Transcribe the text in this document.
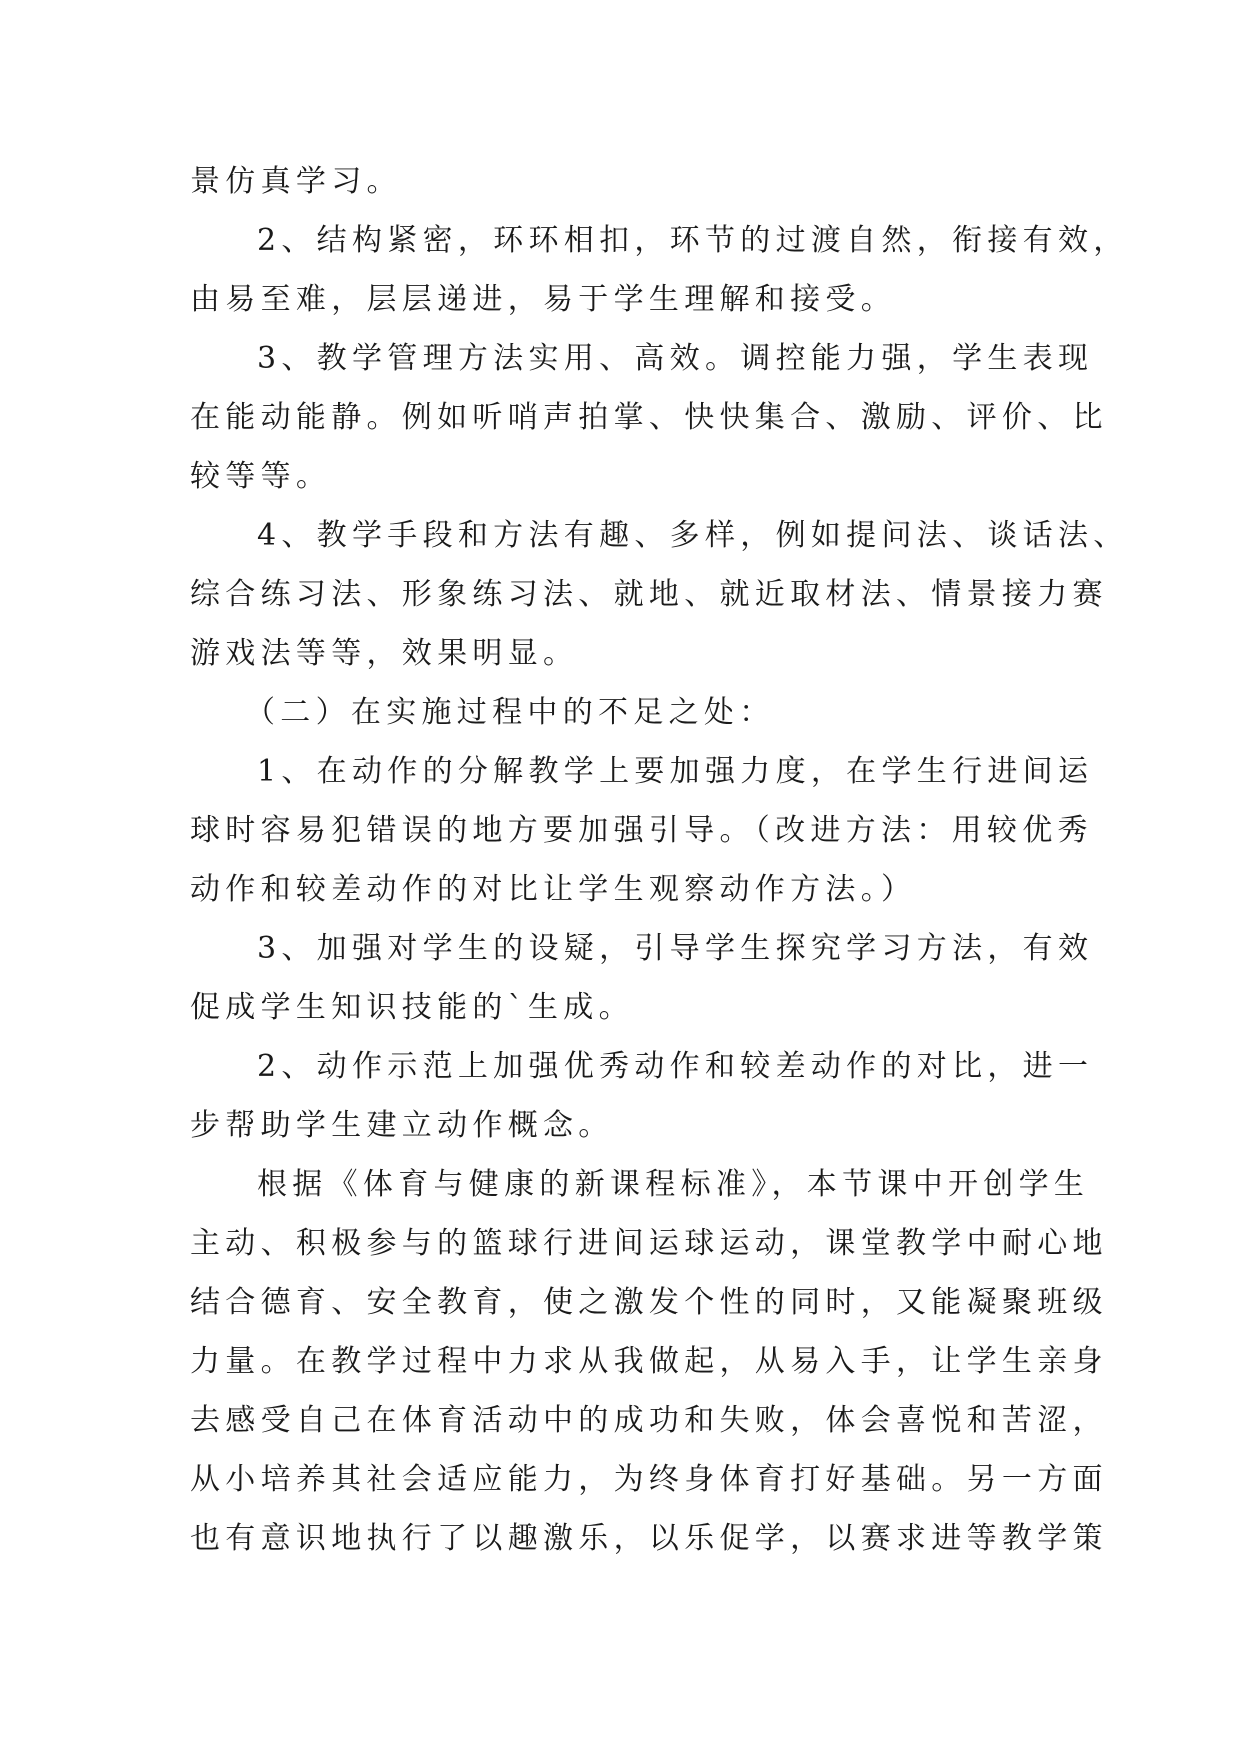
景仿真学习。
2、结构紧密，环环相扣，环节的过渡自然，衔接有效，
由易至难，层层递进，易于学生理解和接受。
3、教学管理方法实用、高效。调控能力强，学生表现
在能动能静。例如听哨声拍掌、快快集合、激励、评价、比
较等等。
4、教学手段和方法有趣、多样，例如提问法、谈话法、
综合练习法、形象练习法、就地、就近取材法、情景接力赛
游戏法等等，效果明显。
（二）在实施过程中的不足之处：
1、在动作的分解教学上要加强力度，在学生行进间运
球时容易犯错误的地方要加强引导。（改进方法：用较优秀
动作和较差动作的对比让学生观察动作方法。）
3、加强对学生的设疑，引导学生探究学习方法，有效
促成学生知识技能的`生成。
2、动作示范上加强优秀动作和较差动作的对比，进一
步帮助学生建立动作概念。
根据《体育与健康的新课程标准》，本节课中开创学生
主动、积极参与的篮球行进间运球运动，课堂教学中耐心地
结合德育、安全教育，使之激发个性的同时，又能凝聚班级
力量。在教学过程中力求从我做起，从易入手，让学生亲身
去感受自己在体育活动中的成功和失败，体会喜悦和苦涩，
从小培养其社会适应能力，为终身体育打好基础。另一方面
也有意识地执行了以趣激乐，以乐促学，以赛求进等教学策
